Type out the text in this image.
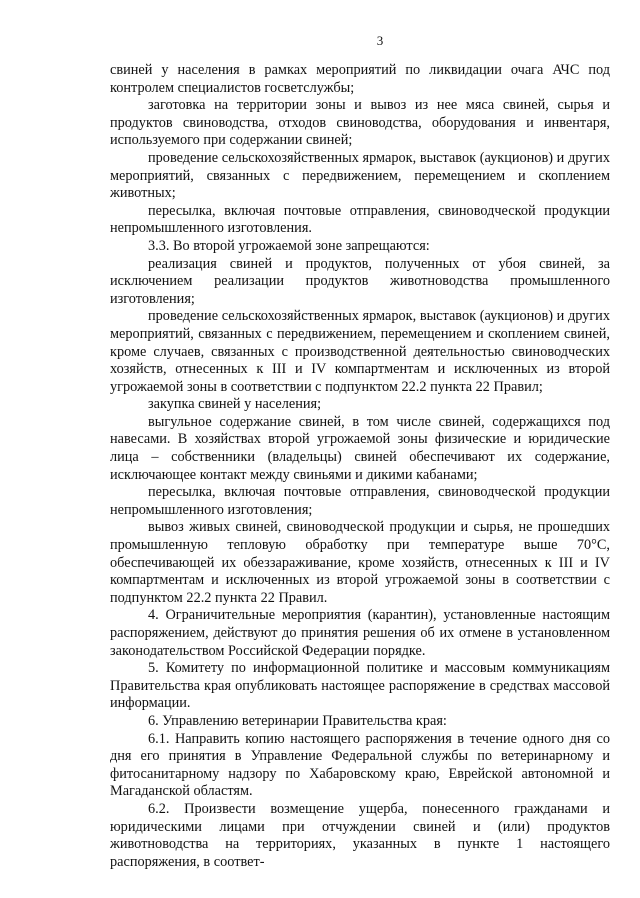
3

свиней у населения в рамках мероприятий по ликвидации очага АЧС под контролем специалистов госветслужбы;

заготовка на территории зоны и вывоз из нее мяса свиней, сырья и продуктов свиноводства, отходов свиноводства, оборудования и инвентаря, используемого при содержании свиней;

проведение сельскохозяйственных ярмарок, выставок (аукционов) и других мероприятий, связанных с передвижением, перемещением и скоплением животных;

пересылка, включая почтовые отправления, свиноводческой продукции непромышленного изготовления.

3.3. Во второй угрожаемой зоне запрещаются:

реализация свиней и продуктов, полученных от убоя свиней, за исключением реализации продуктов животноводства промышленного изготовления;

проведение сельскохозяйственных ярмарок, выставок (аукционов) и других мероприятий, связанных с передвижением, перемещением и скоплением свиней, кроме случаев, связанных с производственной деятельностью свиноводческих хозяйств, отнесенных к III и IV компартментам и исключенных из второй угрожаемой зоны в соответствии с подпунктом 22.2 пункта 22 Правил;

закупка свиней у населения;

выгульное содержание свиней, в том числе свиней, содержащихся под навесами. В хозяйствах второй угрожаемой зоны физические и юридические лица – собственники (владельцы) свиней обеспечивают их содержание, исключающее контакт между свиньями и дикими кабанами;

пересылка, включая почтовые отправления, свиноводческой продукции непромышленного изготовления;

вывоз живых свиней, свиноводческой продукции и сырья, не прошедших промышленную тепловую обработку при температуре выше 70°С, обеспечивающей их обеззараживание, кроме хозяйств, отнесенных к III и IV компартментам и исключенных из второй угрожаемой зоны в соответствии с подпунктом 22.2 пункта 22 Правил.

4. Ограничительные мероприятия (карантин), установленные настоящим распоряжением, действуют до принятия решения об их отмене в установленном законодательством Российской Федерации порядке.

5. Комитету по информационной политике и массовым коммуникациям Правительства края опубликовать настоящее распоряжение в средствах массовой информации.

6. Управлению ветеринарии Правительства края:

6.1. Направить копию настоящего распоряжения в течение одного дня со дня его принятия в Управление Федеральной службы по ветеринарному и фитосанитарному надзору по Хабаровскому краю, Еврейской автономной и Магаданской областям.

6.2. Произвести возмещение ущерба, понесенного гражданами и юридическими лицами при отчуждении свиней и (или) продуктов животноводства на территориях, указанных в пункте 1 настоящего распоряжения, в соответ-
